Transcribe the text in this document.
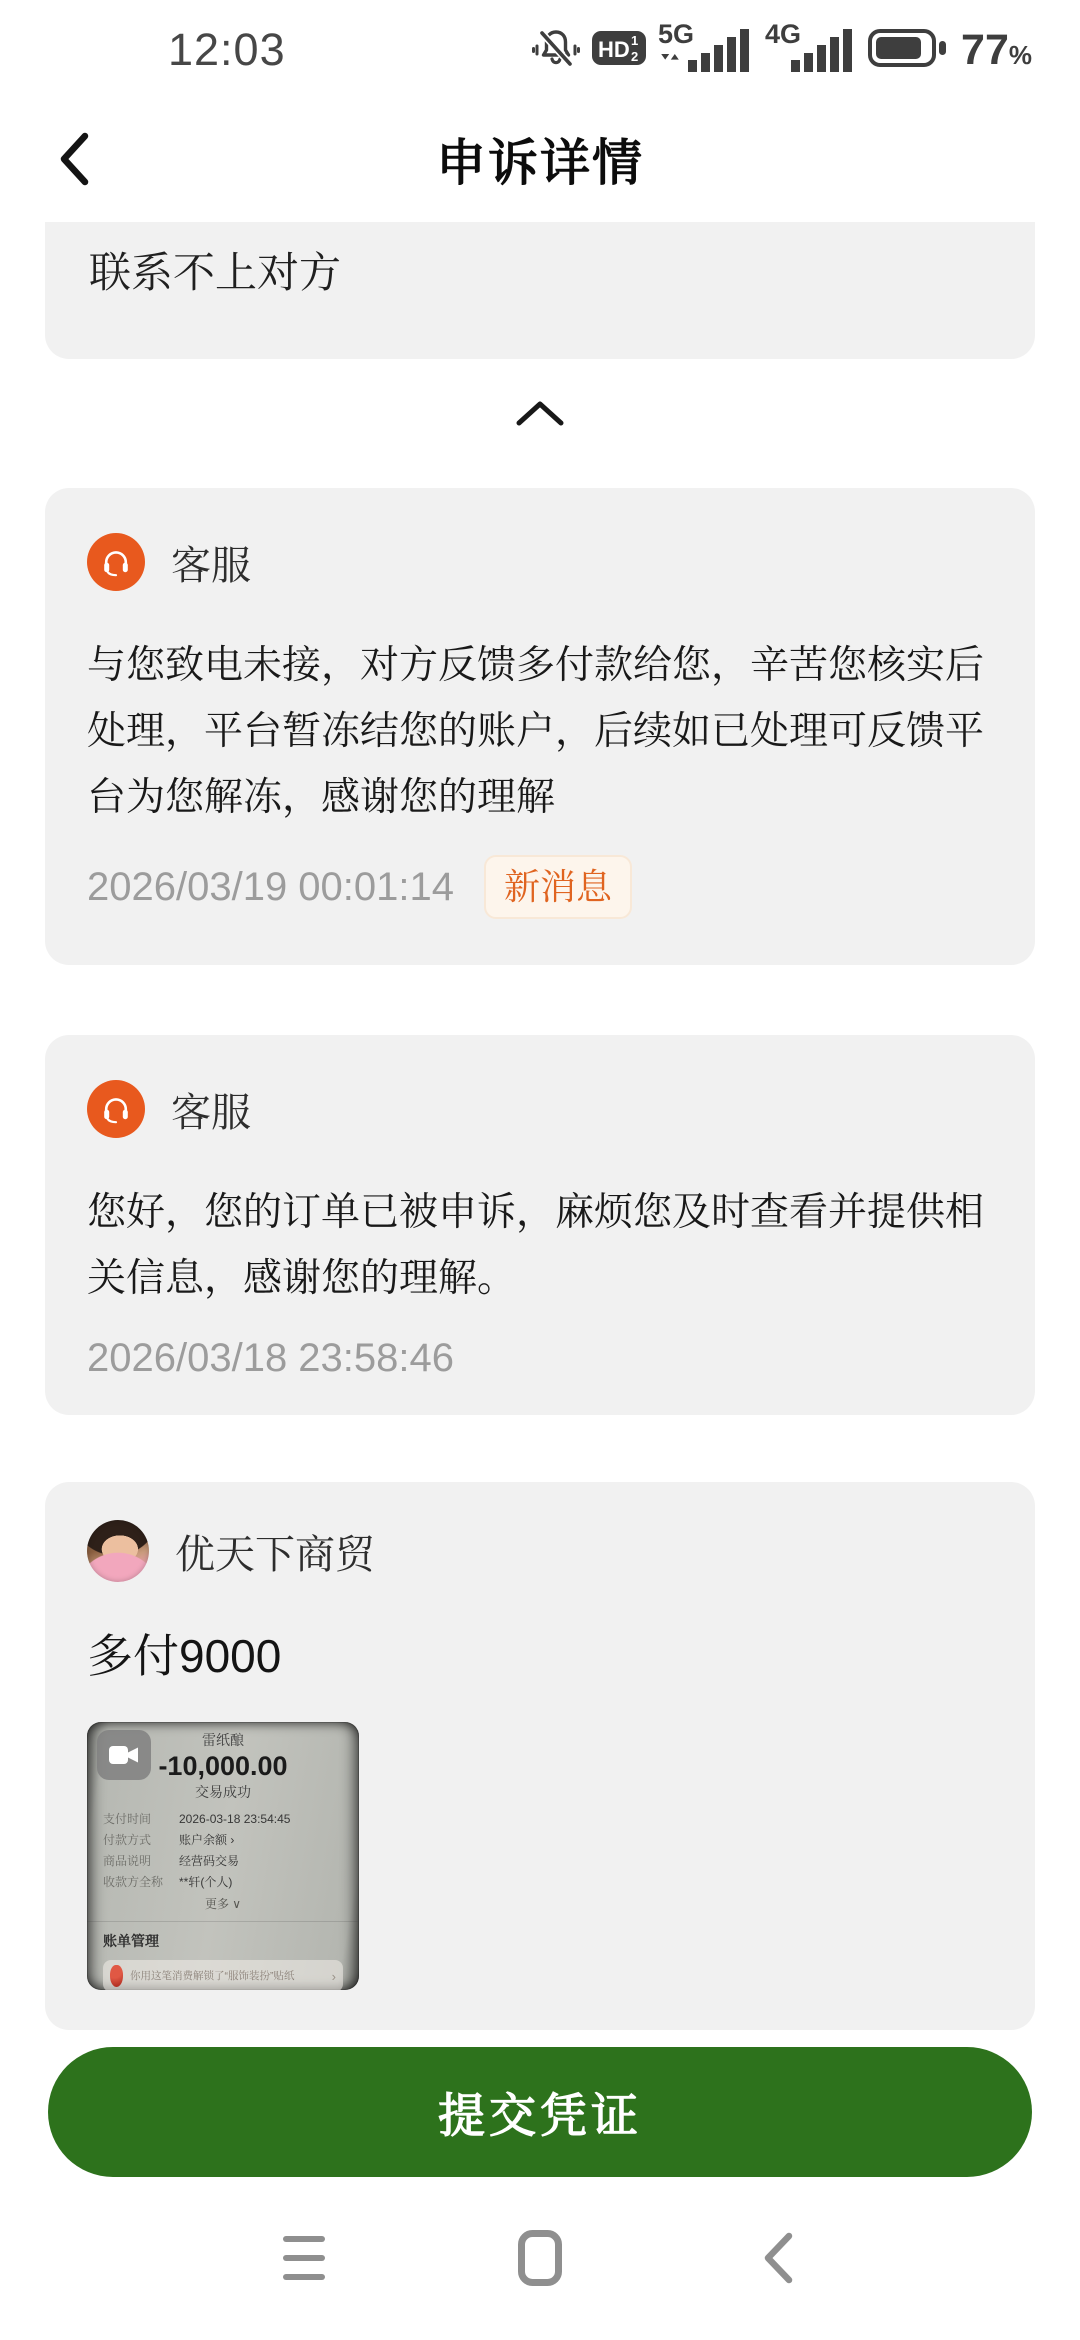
12:03	HD 1
2
5G	4G	77%
申诉详情
联系不上对方
客服
与您致电未接，对方反馈多付款给您，辛苦您核实后处理，平台暂冻结您的账户，后续如已处理可反馈平台为您解冻，感谢您的理解
2026/03/19 00:01:14	新消息
客服
您好，您的订单已被申诉，麻烦您及时查看并提供相关信息，感谢您的理解。
2026/03/18 23:58:46
优天下商贸
多付9000
雷纸酿
-10,000.00
交易成功
支付时间	2026-03-18 23:54:45
付款方式	账户余额 ›
商品说明	经营码交易
收款方全称	**轩(个人)
更多 ∨
账单管理
你用这笔消费解锁了“服饰装扮”贴纸	›
提交凭证
